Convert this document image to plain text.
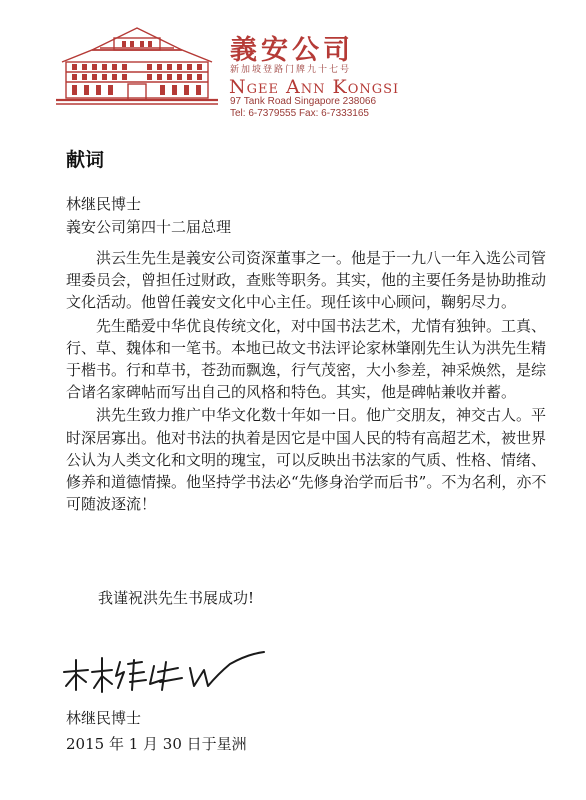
義安公司
新加坡登路门牌九十七号
Ngee Ann Kongsi
97 Tank Road Singapore 238066
Tel: 6-7379555 Fax: 6-7333165
献词
林继民博士
義安公司第四十二届总理

洪云生先生是義安公司资深董事之一。他是于一九八一年入选公司管理委员会，曾担任过财政，查账等职务。其实，他的主要任务是协助推动文化活动。他曾任義安文化中心主任。现任该中心顾问，鞠躬尽力。

先生酷爱中华优良传统文化，对中国书法艺术，尤情有独钟。工真、行、草、魏体和一笔书。本地已故文书法评论家林肇刚先生认为洪先生精于楷书。行和草书，苍劲而飘逸，行气茂密，大小参差，神采焕然，是综合诸名家碑帖而写出自己的风格和特色。其实，他是碑帖兼收并蓄。

洪先生致力推广中华文化数十年如一日。他广交朋友，神交古人。平时深居寡出。他对书法的执着是因它是中国人民的特有高超艺术，被世界公认为人类文化和文明的瑰宝，可以反映出书法家的气质、性格、情绪、修养和道德情操。他坚持学书法必“先修身治学而后书”。不为名利，亦不可随波逐流！

我谨祝洪先生书展成功!
林继民博士
2015 年 1 月 30 日于星洲
